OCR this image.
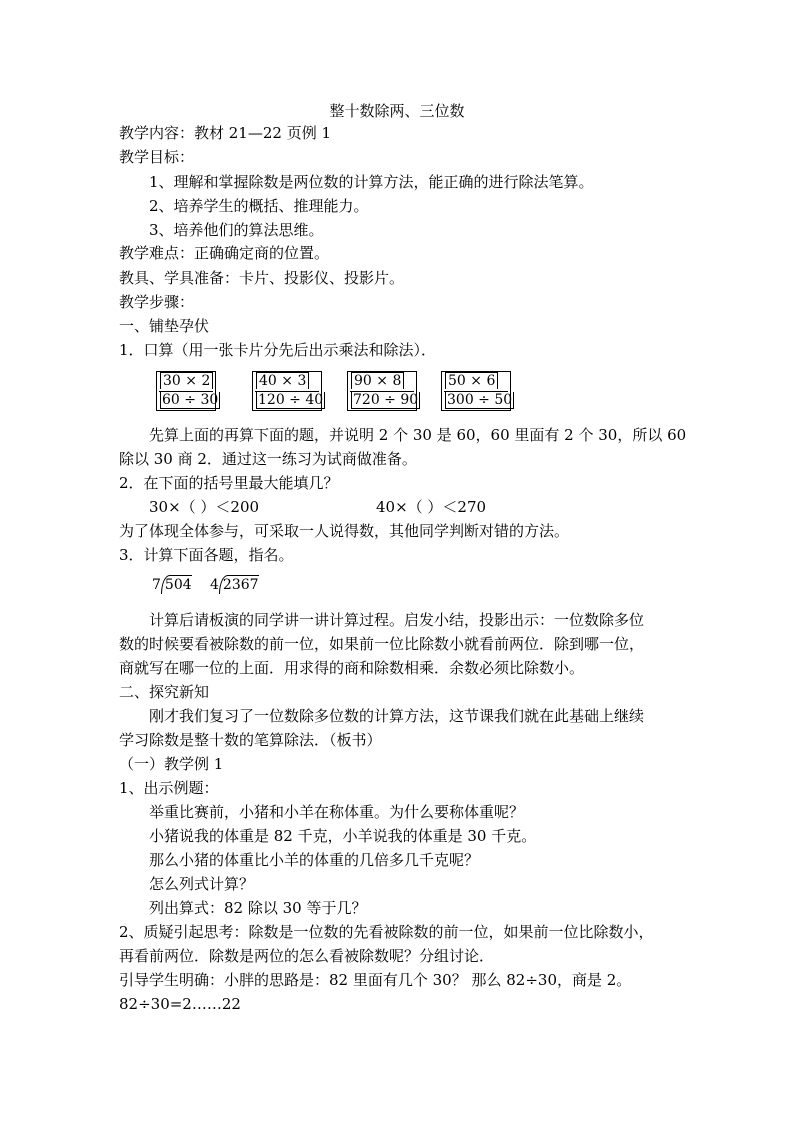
整十数除两、三位数
教学内容：教材 21—22 页例 1
教学目标：
1、理解和掌握除数是两位数的计算方法，能正确的进行除法笔算。
2、培养学生的概括、推理能力。
3、培养他们的算法思维。
教学难点：正确确定商的位置。
教具、学具准备：卡片、投影仪、投影片。
教学步骤：
一、铺垫孕伏
1．口算（用一张卡片分先后出示乘法和除法）．
30 × 2
60 ÷ 30
40 × 3
120 ÷ 40
90 × 8
720 ÷ 90
50 × 6
300 ÷ 50
先算上面的再算下面的题，并说明 2 个 30 是 60，60 里面有 2 个 30，所以 60
除以 30 商 2．通过这一练习为试商做准备。
2．在下面的括号里最大能填几？
30×（ ）＜200	40×（ ）＜270
为了体现全体参与，可采取一人说得数，其他同学判断对错的方法。
3．计算下面各题，指名。
7 504 4 2367
计算后请板演的同学讲一讲计算过程。启发小结，投影出示：一位数除多位
数的时候要看被除数的前一位，如果前一位比除数小就看前两位．除到哪一位，
商就写在哪一位的上面．用求得的商和除数相乘．余数必须比除数小。
二、探究新知
刚才我们复习了一位数除多位数的计算方法，这节课我们就在此基础上继续
学习除数是整十数的笔算除法．（板书）
（一）教学例 1
1、出示例题：
举重比赛前，小猪和小羊在称体重。为什么要称体重呢？
小猪说我的体重是 82 千克，小羊说我的体重是 30 千克。
那么小猪的体重比小羊的体重的几倍多几千克呢？
怎么列式计算？
列出算式：82 除以 30 等于几？
2、质疑引起思考：除数是一位数的先看被除数的前一位，如果前一位比除数小，
再看前两位．除数是两位的怎么看被除数呢？分组讨论．
引导学生明确：小胖的思路是：82 里面有几个 30？ 那么 82÷30，商是 2。
82÷30=2……22
